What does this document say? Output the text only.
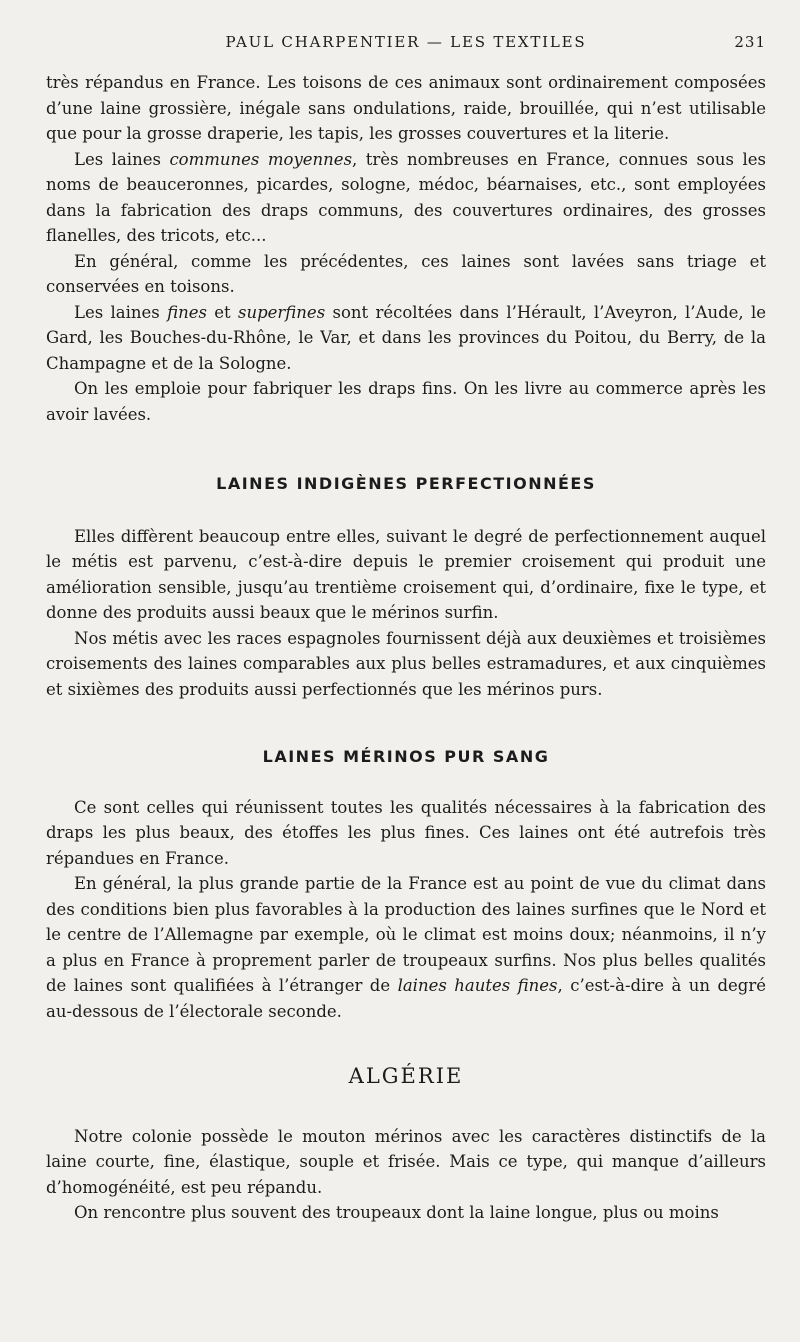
PAUL CHARPENTIER — LES TEXTILES	231

très répandus en France. Les toisons de ces animaux sont ordinairement composées d’une laine grossière, inégale sans ondulations, raide, brouillée, qui n’est utilisable que pour la grosse draperie, les tapis, les grosses couvertures et la literie.

Les laines communes moyennes, très nombreuses en France, connues sous les noms de beauceronnes, picardes, sologne, médoc, béarnaises, etc., sont employées dans la fabrication des draps communs, des couvertures ordinaires, des grosses flanelles, des tricots, etc...

En général, comme les précédentes, ces laines sont lavées sans triage et conservées en toisons.

Les laines fines et superfines sont récoltées dans l’Hérault, l’Aveyron, l’Aude, le Gard, les Bouches-du-Rhône, le Var, et dans les provinces du Poitou, du Berry, de la Champagne et de la Sologne.

On les emploie pour fabriquer les draps fins. On les livre au commerce après les avoir lavées.

LAINES INDIGÈNES PERFECTIONNÉES

Elles diffèrent beaucoup entre elles, suivant le degré de perfectionnement auquel le métis est parvenu, c’est-à-dire depuis le premier croisement qui produit une amélioration sensible, jusqu’au trentième croisement qui, d’ordinaire, fixe le type, et donne des produits aussi beaux que le mérinos surfin.

Nos métis avec les races espagnoles fournissent déjà aux deuxièmes et troisièmes croisements des laines comparables aux plus belles estramadures, et aux cinquièmes et sixièmes des produits aussi perfectionnés que les mérinos purs.

LAINES MÉRINOS PUR SANG

Ce sont celles qui réunissent toutes les qualités nécessaires à la fabrication des draps les plus beaux, des étoffes les plus fines. Ces laines ont été autrefois très répandues en France.

En général, la plus grande partie de la France est au point de vue du climat dans des conditions bien plus favorables à la production des laines surfines que le Nord et le centre de l’Allemagne par exemple, où le climat est moins doux; néanmoins, il n’y a plus en France à proprement parler de troupeaux surfins. Nos plus belles qualités de laines sont qualifiées à l’étranger de laines hautes fines, c’est-à-dire à un degré au-dessous de l’électorale seconde.

ALGÉRIE

Notre colonie possède le mouton mérinos avec les caractères distinctifs de la laine courte, fine, élastique, souple et frisée. Mais ce type, qui manque d’ailleurs d’homogénéité, est peu répandu.

On rencontre plus souvent des troupeaux dont la laine longue, plus ou moins
